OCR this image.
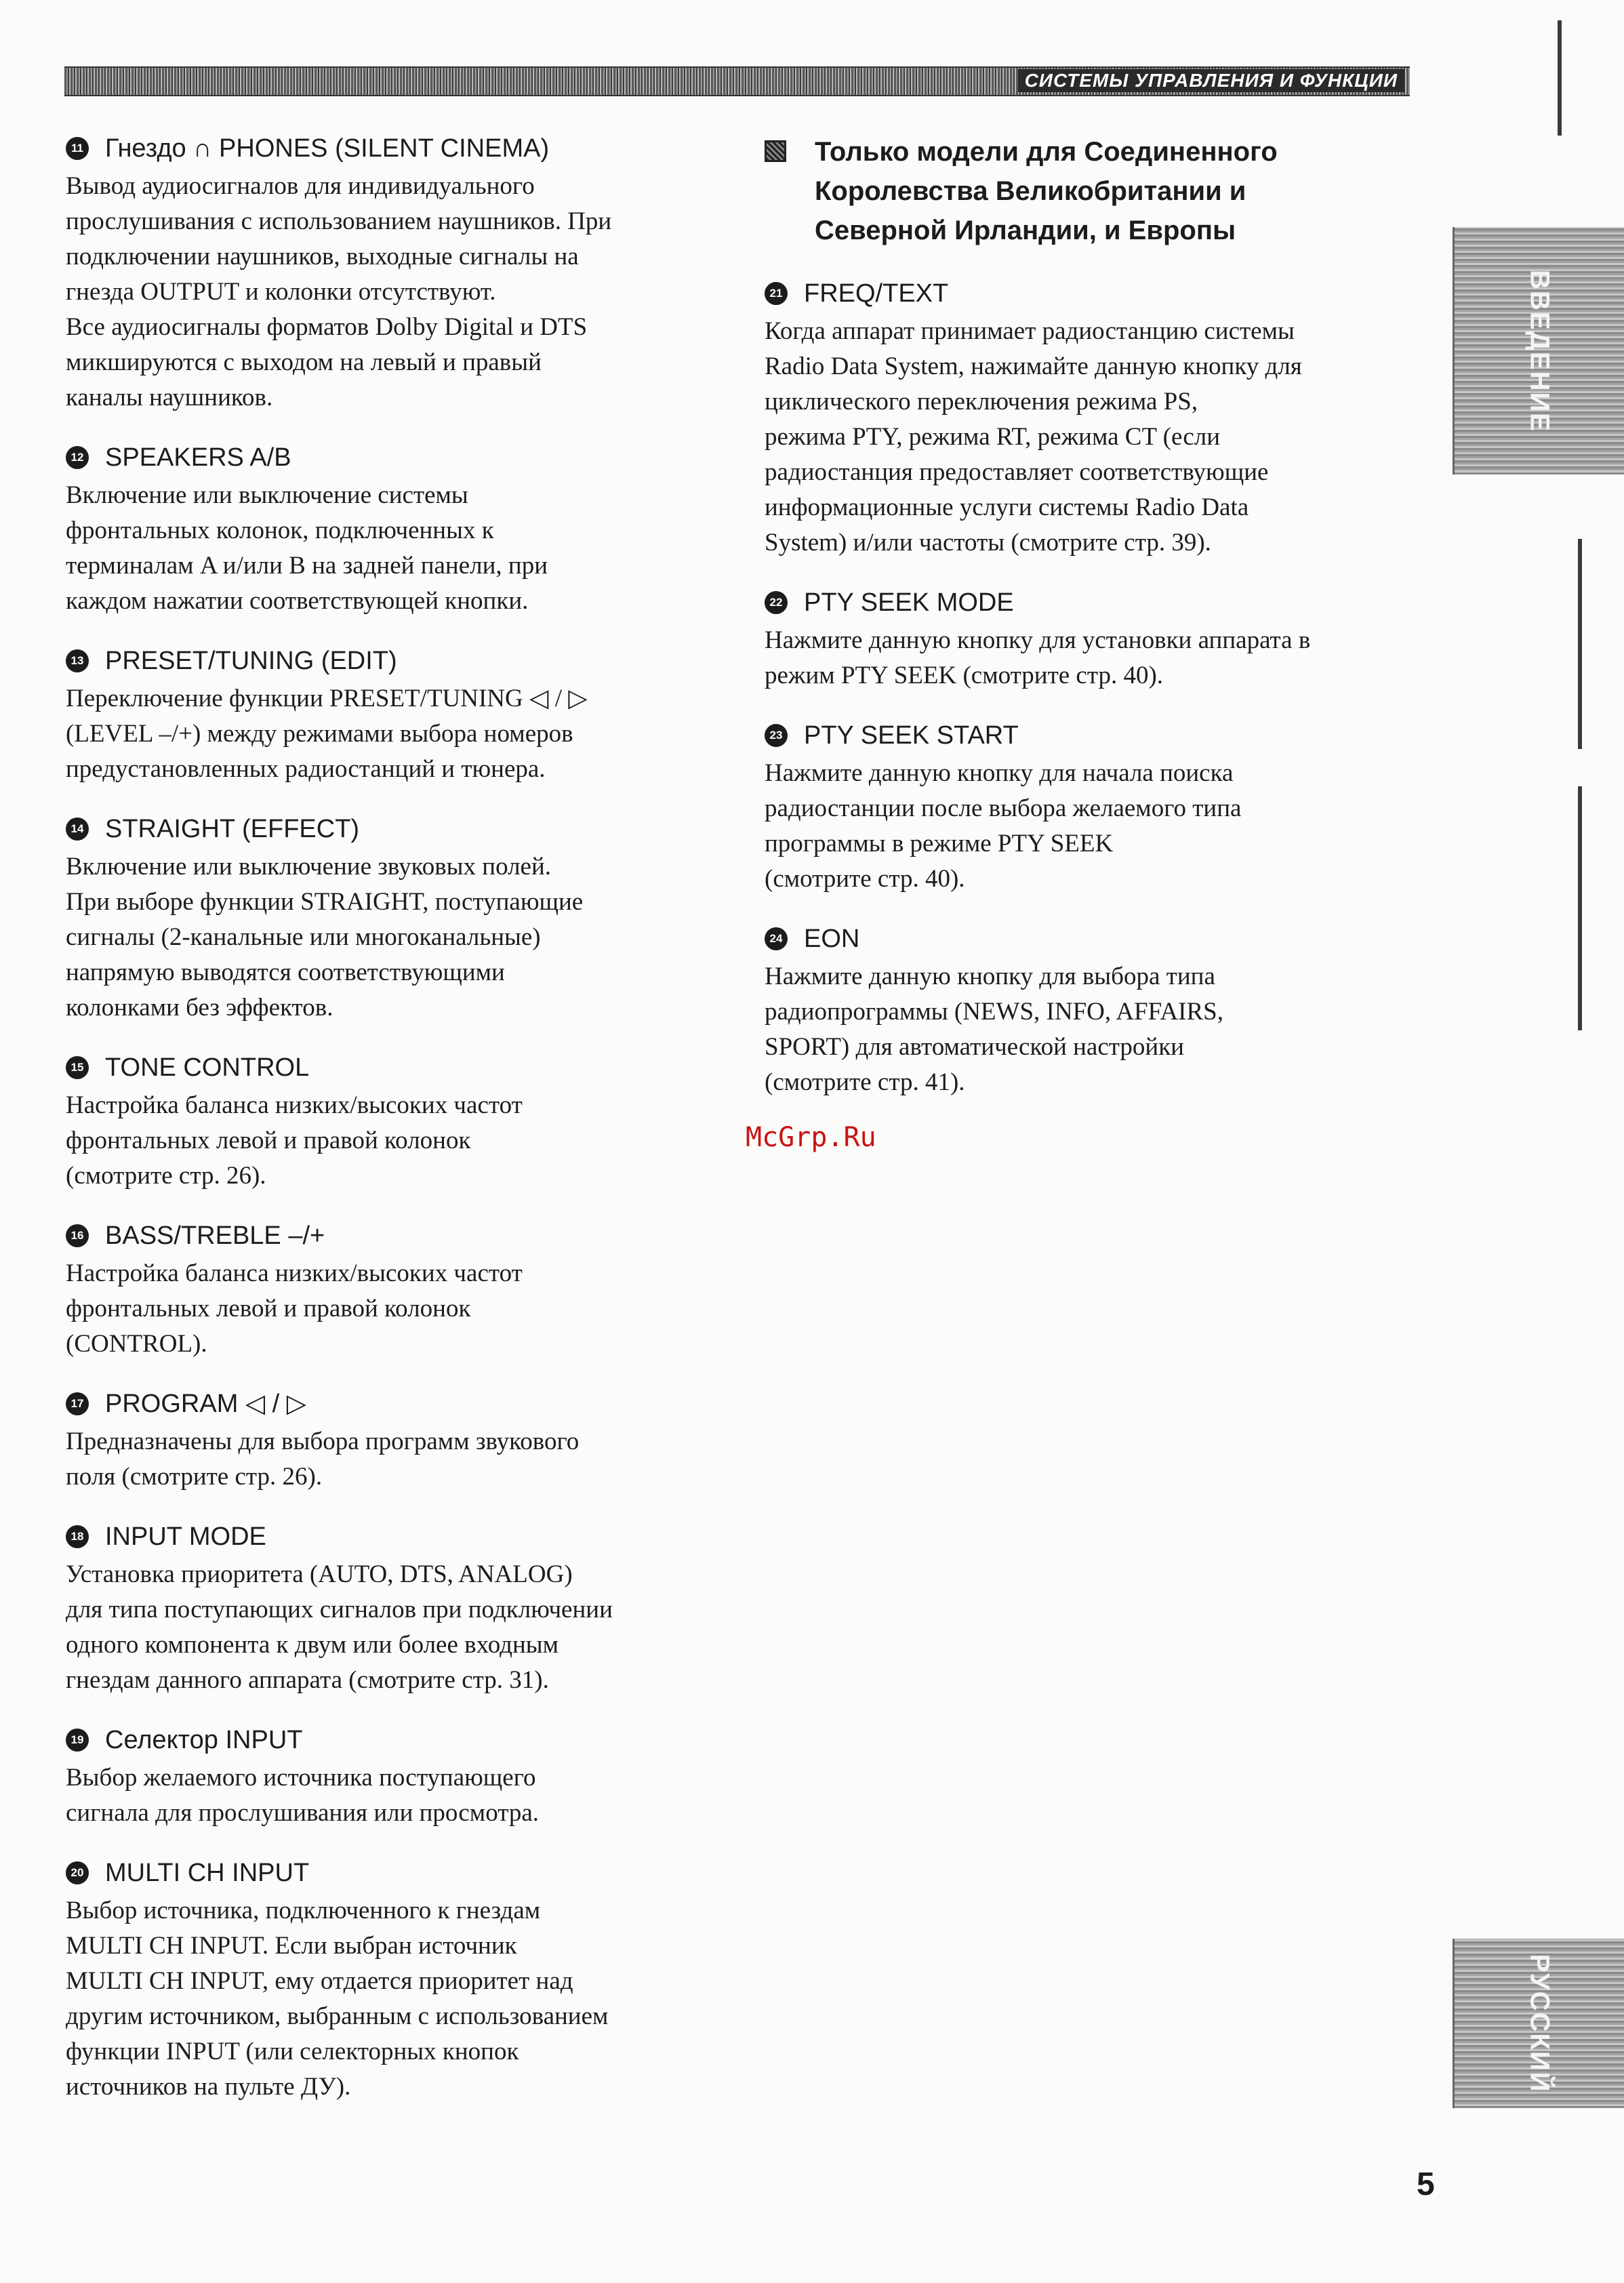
СИСТЕМЫ УПРАВЛЕНИЯ И ФУНКЦИИ

11 Гнездо ∩ PHONES (SILENT CINEMA)

Вывод аудиосигналов для индивидуального

прослушивания с использованием наушников. При

подключении наушников, выходные сигналы на

гнезда OUTPUT и колонки отсутствуют.

Все аудиосигналы форматов Dolby Digital и DTS

микшируются с выходом на левый и правый

каналы наушников.

12 SPEAKERS A/B

Включение или выключение системы

фронтальных колонок, подключенных к

терминалам A и/или B на задней панели, при

каждом нажатии соответствующей кнопки.

13 PRESET/TUNING (EDIT)

Переключение функции PRESET/TUNING ◁ / ▷

(LEVEL –/+) между режимами выбора номеров

предустановленных радиостанций и тюнера.

14 STRAIGHT (EFFECT)

Включение или выключение звуковых полей.

При выборе функции STRAIGHT, поступающие

сигналы (2-канальные или многоканальные)

напрямую выводятся соответствующими

колонками без эффектов.

15 TONE CONTROL

Настройка баланса низких/высоких частот

фронтальных левой и правой колонок

(смотрите стр. 26).

16 BASS/TREBLE –/+

Настройка баланса низких/высоких частот

фронтальных левой и правой колонок

(CONTROL).

17 PROGRAM ◁ / ▷

Предназначены для выбора программ звукового

поля (смотрите стр. 26).

18 INPUT MODE

Установка приоритета (AUTO, DTS, ANALOG)

для типа поступающих сигналов при подключении

одного компонента к двум или более входным

гнездам данного аппарата (смотрите стр. 31).

19 Селектор INPUT

Выбор желаемого источника поступающего

сигнала для прослушивания или просмотра.

20 MULTI CH INPUT

Выбор источника, подключенного к гнездам

MULTI CH INPUT. Если выбран источник

MULTI CH INPUT, ему отдается приоритет над

другим источником, выбранным с использованием

функции INPUT (или селекторных кнопок

источников на пульте ДУ).

Только модели для Соединенного

Королевства Великобритании и

Северной Ирландии, и Европы

21 FREQ/TEXT

Когда аппарат принимает радиостанцию системы

Radio Data System, нажимайте данную кнопку для

циклического переключения режима PS,

режима PTY, режима RT, режима CT (если

радиостанция предоставляет соответствующие

информационные услуги системы Radio Data

System) и/или частоты (смотрите стр. 39).

22 PTY SEEK MODE

Нажмите данную кнопку для установки аппарата в

режим PTY SEEK (смотрите стр. 40).

23 PTY SEEK START

Нажмите данную кнопку для начала поиска

радиостанции после выбора желаемого типа

программы в режиме PTY SEEK

(смотрите стр. 40).

24 EON

Нажмите данную кнопку для выбора типа

радиопрограммы (NEWS, INFO, AFFAIRS,

SPORT) для автоматической настройки

(смотрите стр. 41).

ВВЕДЕНИЕ
РУССКИЙ

McGrp.Ru

5
